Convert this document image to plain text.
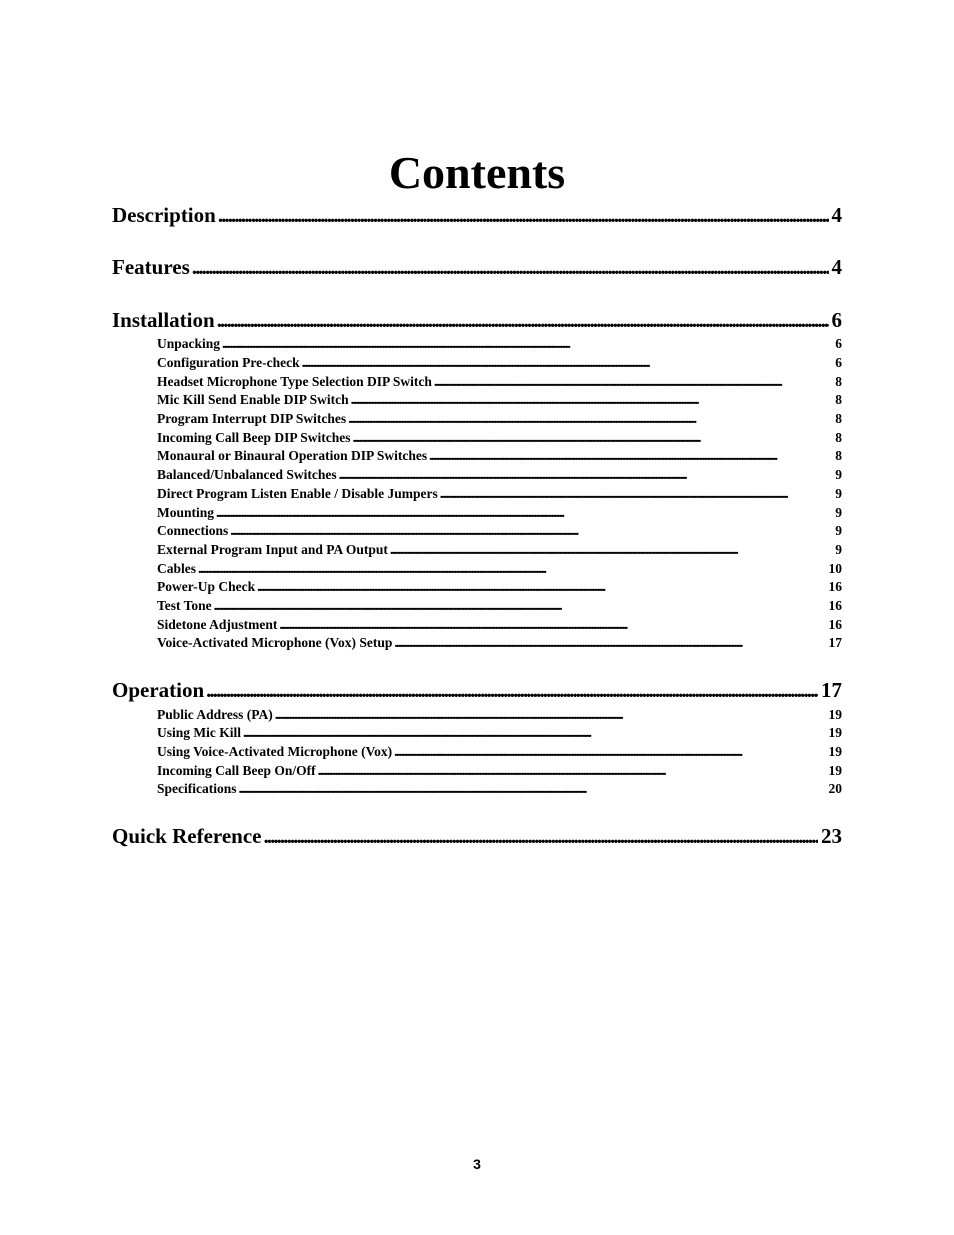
Contents
Description . . .	4
Features . . .	4
Installation . . .	6
Unpacking . . .	6
Configuration Pre-check . . .	6
Headset Microphone Type Selection DIP Switch . . .	8
Mic Kill Send Enable DIP Switch . . .	8
Program Interrupt DIP Switches . . .	8
Incoming Call Beep DIP Switches . . .	8
Monaural or Binaural Operation DIP Switches . . .	8
Balanced/Unbalanced Switches . . .	9
Direct Program Listen Enable / Disable Jumpers . . .	9
Mounting . . .	9
Connections . . .	9
External Program Input and PA Output . . .	9
Cables . . .	10
Power-Up Check . . .	16
Test Tone . . .	16
Sidetone Adjustment . . .	16
Voice-Activated Microphone (Vox) Setup . . .	17
Operation . . .	17
Public Address (PA) . . .	19
Using Mic Kill . . .	19
Using Voice-Activated Microphone (Vox) . . .	19
Incoming Call Beep On/Off . . .	19
Specifications . . .	20
Quick Reference . . .	23
3
